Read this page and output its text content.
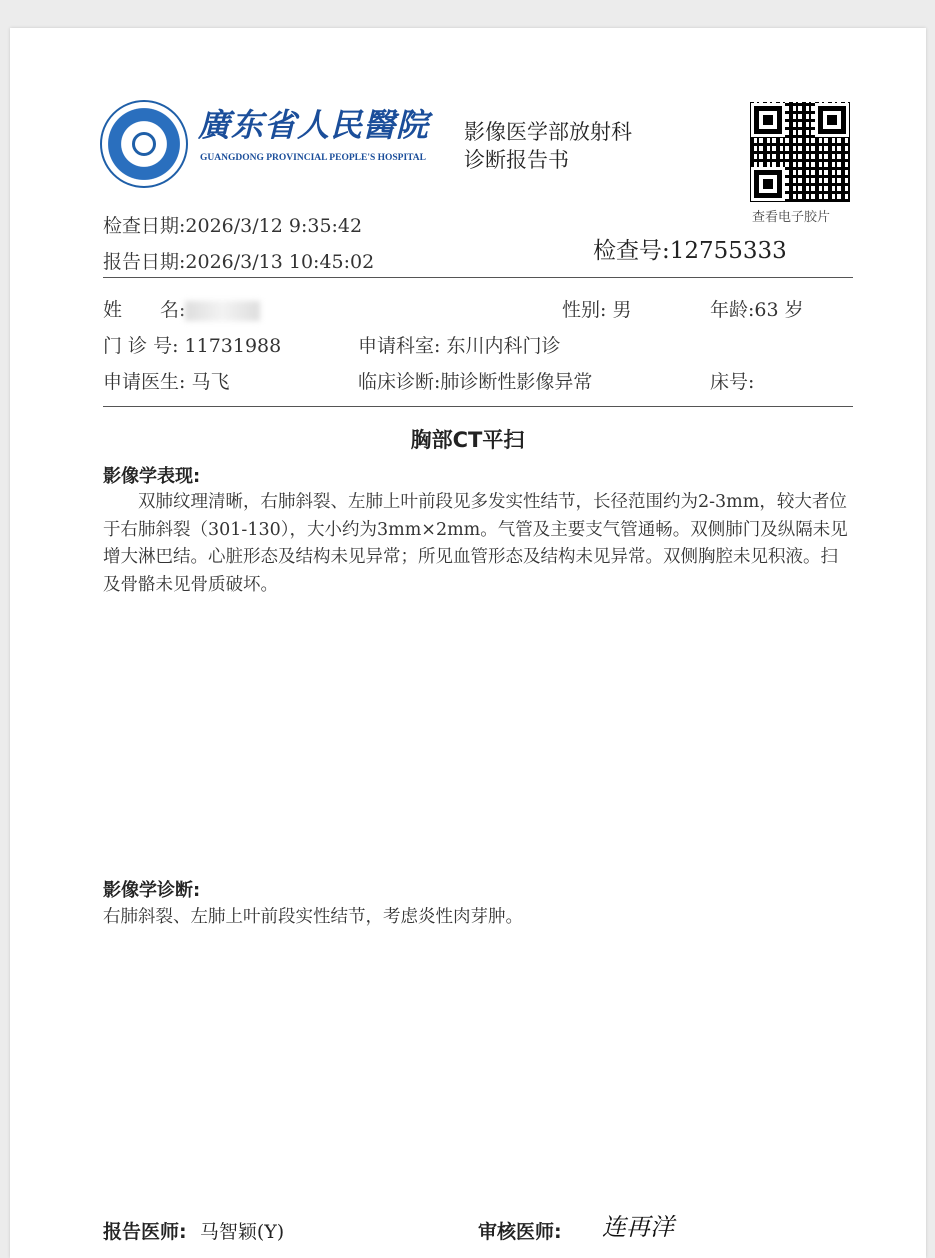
廣东省人民醫院
GUANGDONG PROVINCIAL PEOPLE'S HOSPITAL
影像医学部放射科
诊断报告书
查看电子胶片
检查日期:2026/3/12 9:35:42
报告日期:2026/3/13 10:45:02	检查号:12755333
姓　　名:	性别: 男	年龄:63 岁
门 诊 号: 11731988	申请科室: 东川内科门诊
申请医生: 马飞	临床诊断:肺诊断性影像异常	床号:
胸部CT平扫
影像学表现:
双肺纹理清晰，右肺斜裂、左肺上叶前段见多发实性结节，长径范围约为2-3mm，较大者位于右肺斜裂（301-130），大小约为3mm×2mm。气管及主要支气管通畅。双侧肺门及纵隔未见增大淋巴结。心脏形态及结构未见异常；所见血管形态及结构未见异常。双侧胸腔未见积液。扫及骨骼未见骨质破坏。
影像学诊断:
右肺斜裂、左肺上叶前段实性结节，考虑炎性肉芽肿。
报告医师: 马智颖(Y)	审核医师: 连再洋
